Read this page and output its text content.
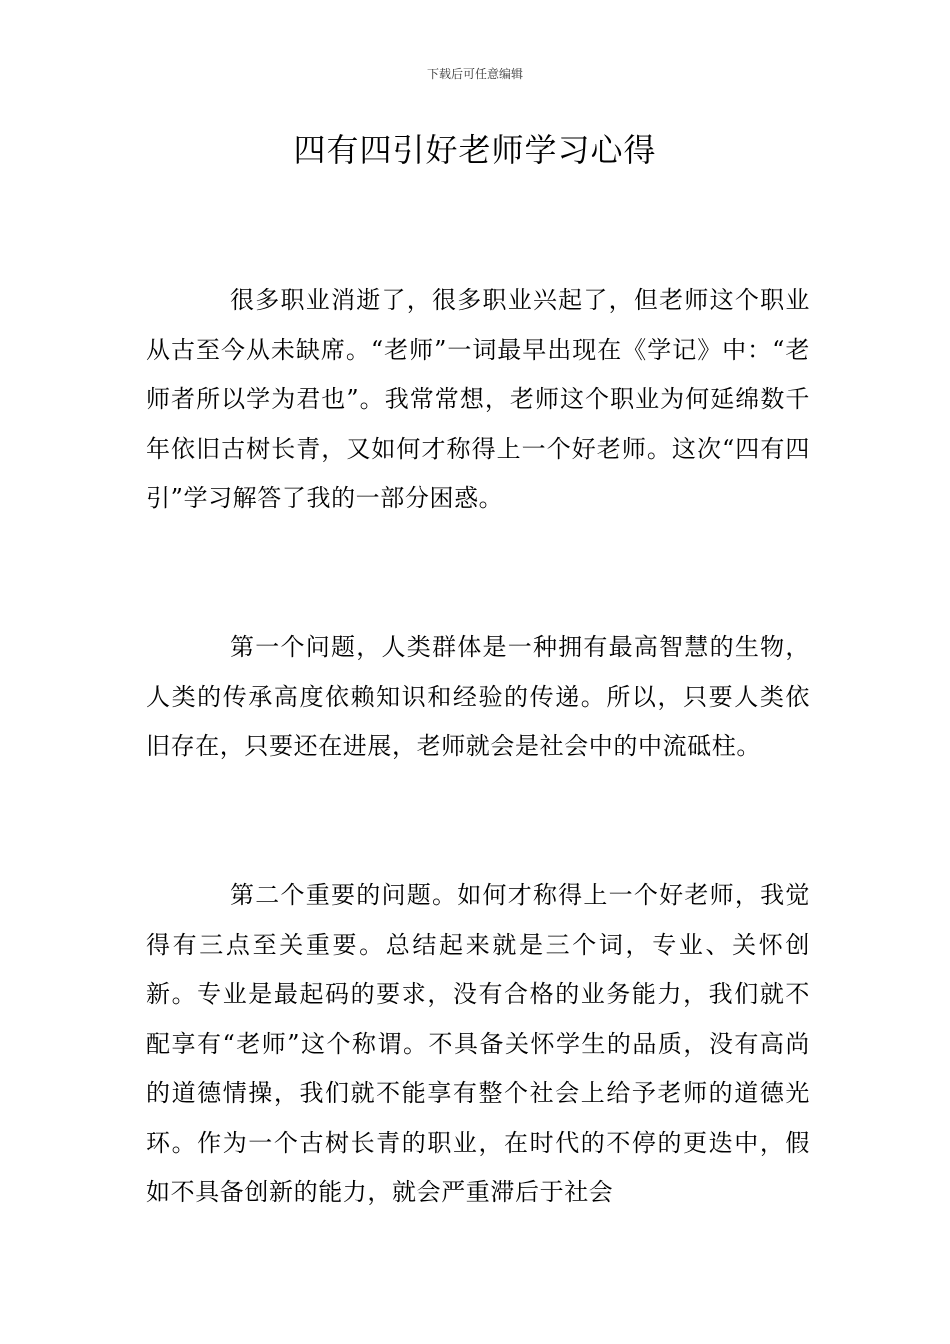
下载后可任意编辑
四有四引好老师学习心得

很多职业消逝了，很多职业兴起了，但老师这个职业从古至今从未缺席。“老师”一词最早出现在《学记》中：“老师者所以学为君也”。我常常想，老师这个职业为何延绵数千年依旧古树长青，又如何才称得上一个好老师。这次“四有四引”学习解答了我的一部分困惑。

第一个问题，人类群体是一种拥有最高智慧的生物，人类的传承高度依赖知识和经验的传递。所以，只要人类依旧存在，只要还在进展，老师就会是社会中的中流砥柱。

第二个重要的问题。如何才称得上一个好老师，我觉得有三点至关重要。总结起来就是三个词，专业、关怀创新。专业是最起码的要求，没有合格的业务能力，我们就不配享有“老师”这个称谓。不具备关怀学生的品质，没有高尚的道德情操，我们就不能享有整个社会上给予老师的道德光环。作为一个古树长青的职业，在时代的不停的更迭中，假如不具备创新的能力，就会严重滞后于社会
